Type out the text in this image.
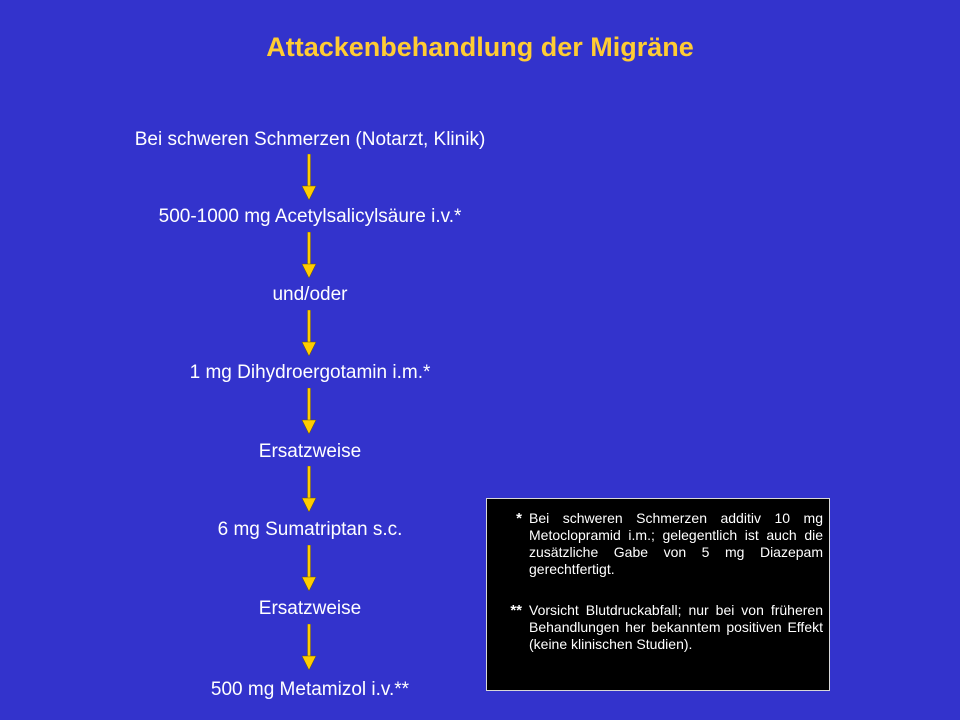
Attackenbehandlung der Migräne
Bei schweren Schmerzen (Notarzt, Klinik)
500-1000 mg Acetylsalicylsäure i.v.*
und/oder
1 mg Dihydroergotamin i.m.*
Ersatzweise
6 mg Sumatriptan s.c.
Ersatzweise
500 mg Metamizol i.v.**
* Bei schweren Schmerzen additiv 10 mg Metoclopramid i.m.; gelegentlich ist auch die zusätzliche Gabe von 5 mg Diazepam gerechtfertigt.
** Vorsicht Blutdruckabfall; nur bei von früheren Behandlungen her bekanntem positiven Effekt (keine klinischen Studien).
